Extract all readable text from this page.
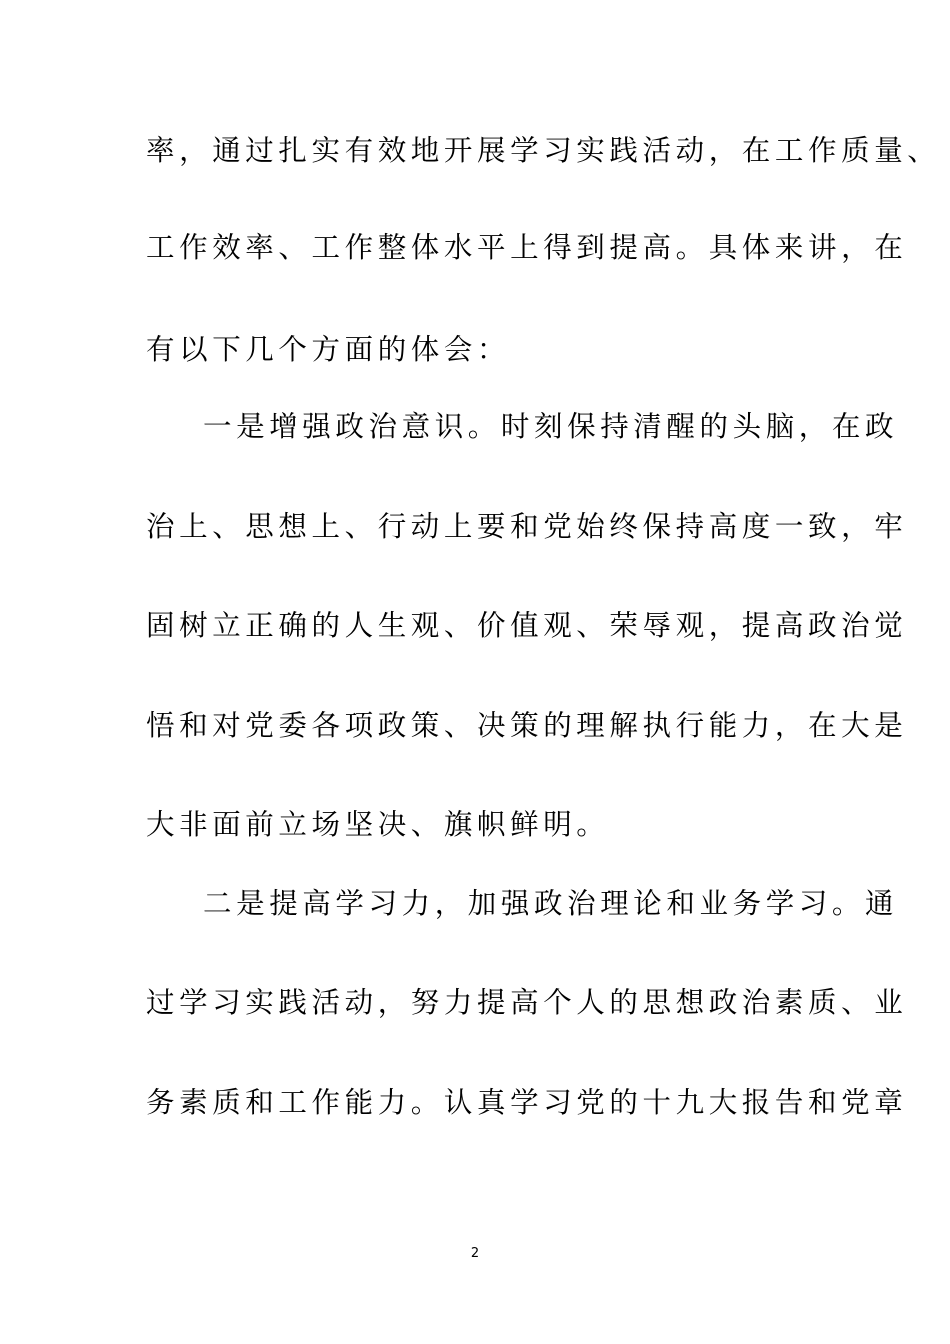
率，通过扎实有效地开展学习实践活动，在工作质量、
工作效率、工作整体水平上得到提高。具体来讲，在
有以下几个方面的体会：
一是增强政治意识。时刻保持清醒的头脑，在政
治上、思想上、行动上要和党始终保持高度一致，牢
固树立正确的人生观、价值观、荣辱观，提高政治觉
悟和对党委各项政策、决策的理解执行能力，在大是
大非面前立场坚决、旗帜鲜明。
二是提高学习力，加强政治理论和业务学习。通
过学习实践活动，努力提高个人的思想政治素质、业
务素质和工作能力。认真学习党的十九大报告和党章
2
